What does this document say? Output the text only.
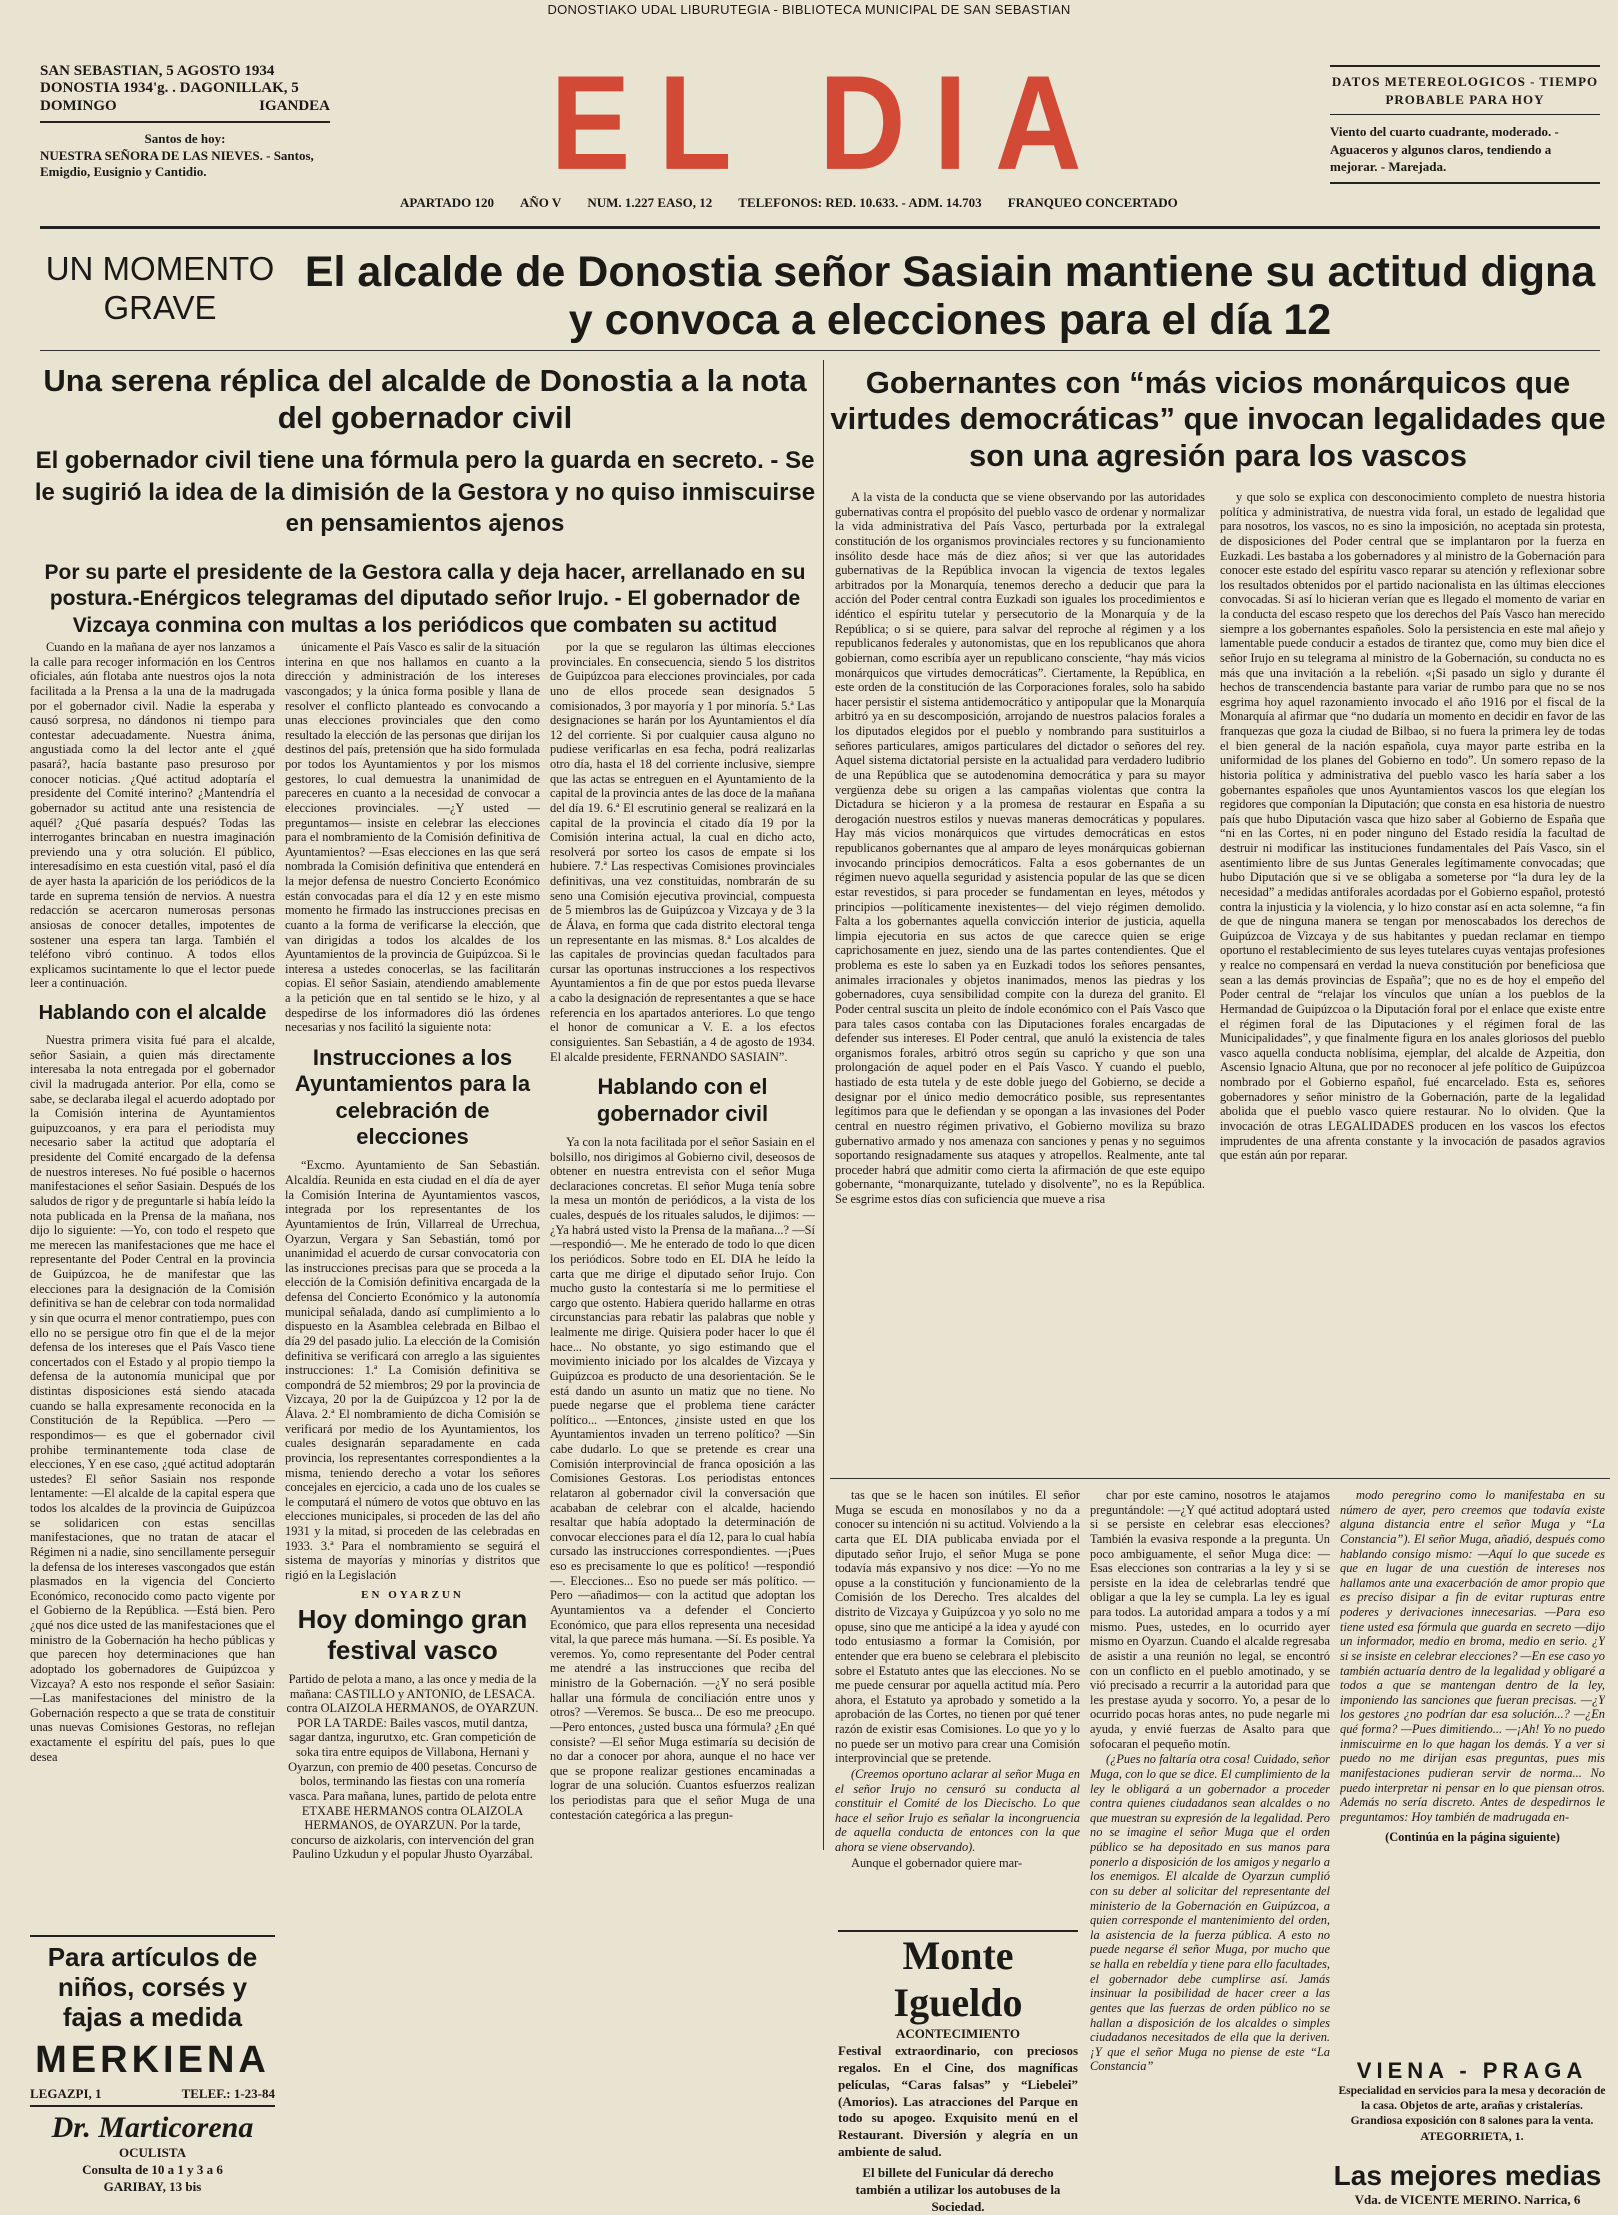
DONOSTIAKO UDAL LIBURUTEGIA - BIBLIOTECA MUNICIPAL DE SAN SEBASTIAN
SAN SEBASTIAN, 5 AGOSTO 1934
DONOSTIA 1934'g. . DAGONILLAK, 5
DOMINGO	IGANDEA
Santos de hoy:
NUESTRA SEÑORA DE LAS NIEVES. - Santos, Emigdio, Eusignio y Cantidio.	EL DIA
APARTADO 120 AÑO V NUM. 1.227 EASO, 12 TELEFONOS: RED. 10.633. - ADM. 14.703 FRANQUEO CONCERTADO
DATOS METEREOLOGICOS - TIEMPO PROBABLE PARA HOY
Viento del cuarto cuadrante, moderado. - Aguaceros y algunos claros, tendiendo a mejorar. - Marejada.
UN MOMENTO GRAVE
El alcalde de Donostia señor Sasiain mantiene su actitud digna y convoca a elecciones para el día 12
Una serena réplica del alcalde de Donostia a la nota del gobernador civil
El gobernador civil tiene una fórmula pero la guarda en secreto. - Se le sugirió la idea de la dimisión de la Gestora y no quiso inmiscuirse en pensamientos ajenos
Por su parte el presidente de la Gestora calla y deja hacer, arrellanado en su postura.-Enérgicos telegramas del diputado señor Irujo. - El gobernador de Vizcaya conmina con multas a los periódicos que combaten su actitud
Gobernantes con “más vicios monárquicos que virtudes democráticas” que invocan legalidades que son una agresión para los vascos

Cuando en la mañana de ayer nos lanzamos a la calle para recoger información en los Centros oficiales, aún flotaba ante nuestros ojos la nota facilitada a la Prensa a la una de la madrugada por el gobernador civil. Nadie la esperaba y causó sorpresa, no dándonos ni tiempo para contestar adecuadamente. Nuestra ánima, angustiada como la del lector ante el ¿qué pasará?, hacía bastante paso presuroso por conocer noticias. ¿Qué actitud adoptaría el presidente del Comité interino? ¿Mantendría el gobernador su actitud ante una resistencia de aquél? ¿Qué pasaría después? Todas las interrogantes brincaban en nuestra imaginación previendo una y otra solución. El público, interesadísimo en esta cuestión vital, pasó el día de ayer hasta la aparición de los periódicos de la tarde en suprema tensión de nervios. A nuestra redacción se acercaron numerosas personas ansiosas de conocer detalles, impotentes de sostener una espera tan larga. También el teléfono vibró continuo. A todos ellos explicamos sucintamente lo que el lector puede leer a continuación.

Hablando con el alcalde

Nuestra primera visita fué para el alcalde, señor Sasiain, a quien más directamente interesaba la nota entregada por el gobernador civil la madrugada anterior. Por ella, como se sabe, se declaraba ilegal el acuerdo adoptado por la Comisión interina de Ayuntamientos guipuzcoanos, y era para el periodista muy necesario saber la actitud que adoptaría el presidente del Comité encargado de la defensa de nuestros intereses. No fué posible o hacernos manifestaciones el señor Sasiain. Después de los saludos de rigor y de preguntarle si había leído la nota publicada en la Prensa de la mañana, nos dijo lo siguiente: —Yo, con todo el respeto que me merecen las manifestaciones que me hace el representante del Poder Central en la provincia de Guipúzcoa, he de manifestar que las elecciones para la designación de la Comisión definitiva se han de celebrar con toda normalidad y sin que ocurra el menor contratiempo, pues con ello no se persigue otro fin que el de la mejor defensa de los intereses que el País Vasco tiene concertados con el Estado y al propio tiempo la defensa de la autonomía municipal que por distintas disposiciones está siendo atacada cuando se halla expresamente reconocida en la Constitución de la República. —Pero —respondimos— es que el gobernador civil prohibe terminantemente toda clase de elecciones, Y en ese caso, ¿qué actitud adoptarán ustedes? El señor Sasiain nos responde lentamente: —El alcalde de la capital espera que todos los alcaldes de la provincia de Guipúzcoa se solidaricen con estas sencillas manifestaciones, que no tratan de atacar el Régimen ni a nadie, sino sencillamente perseguir la defensa de los intereses vascongados que están plasmados en la vigencia del Concierto Económico, reconocido como pacto vigente por el Gobierno de la República. —Está bien. Pero ¿qué nos dice usted de las manifestaciones que el ministro de la Gobernación ha hecho públicas y que parecen hoy determinaciones que han adoptado los gobernadores de Guipúzcoa y Vizcaya? A esto nos responde el señor Sasiain: —Las manifestaciones del ministro de la Gobernación respecto a que se trata de constituir unas nuevas Comisiones Gestoras, no reflejan exactamente el espíritu del país, pues lo que desea

únicamente el País Vasco es salir de la situación interina en que nos hallamos en cuanto a la dirección y administración de los intereses vascongados; y la única forma posible y llana de resolver el conflicto planteado es convocando a unas elecciones provinciales que den como resultado la elección de las personas que dirijan los destinos del país, pretensión que ha sido formulada por todos los Ayuntamientos y por los mismos gestores, lo cual demuestra la unanimidad de pareceres en cuanto a la necesidad de convocar a elecciones provinciales. —¿Y usted —preguntamos— insiste en celebrar las elecciones para el nombramiento de la Comisión definitiva de Ayuntamientos? —Esas elecciones en las que será nombrada la Comisión definitiva que entenderá en la mejor defensa de nuestro Concierto Económico están convocadas para el día 12 y en este mismo momento he firmado las instrucciones precisas en cuanto a la forma de verificarse la elección, que van dirigidas a todos los alcaldes de los Ayuntamientos de la provincia de Guipúzcoa. Si le interesa a ustedes conocerlas, se las facilitarán copias. El señor Sasiain, atendiendo amablemente a la petición que en tal sentido se le hizo, y al despedirse de los informadores dió las órdenes necesarias y nos facilitó la siguiente nota:

Instrucciones a los Ayuntamientos para la celebración de elecciones

“Excmo. Ayuntamiento de San Sebastián. Alcaldía. Reunida en esta ciudad en el día de ayer la Comisión Interina de Ayuntamientos vascos, integrada por los representantes de los Ayuntamientos de Irún, Villarreal de Urrechua, Oyarzun, Vergara y San Sebastián, tomó por unanimidad el acuerdo de cursar convocatoria con las instrucciones precisas para que se proceda a la elección de la Comisión definitiva encargada de la defensa del Concierto Económico y la autonomía municipal señalada, dando así cumplimiento a lo dispuesto en la Asamblea celebrada en Bilbao el día 29 del pasado julio. La elección de la Comisión definitiva se verificará con arreglo a las siguientes instrucciones: 1.ª La Comisión definitiva se compondrá de 52 miembros; 29 por la provincia de Vizcaya, 20 por la de Guipúzcoa y 12 por la de Álava. 2.ª El nombramiento de dicha Comisión se verificará por medio de los Ayuntamientos, los cuales designarán separadamente en cada provincia, los representantes correspondientes a la misma, teniendo derecho a votar los señores concejales en ejercicio, a cada uno de los cuales se le computará el número de votos que obtuvo en las elecciones municipales, si proceden de las del año 1931 y la mitad, si proceden de las celebradas en 1933. 3.ª Para el nombramiento se seguirá el sistema de mayorías y minorías y distritos que rigió en la Legislación

EN OYARZUN
Hoy domingo gran festival vasco

Partido de pelota a mano, a las once y media de la mañana: CASTILLO y ANTONIO, de LESACA. contra OLAIZOLA HERMANOS, de OYARZUN. POR LA TARDE: Bailes vascos, mutil dantza, sagar dantza, ingurutxo, etc. Gran competición de soka tira entre equipos de Villabona, Hernani y Oyarzun, con premio de 400 pesetas. Concurso de bolos, terminando las fiestas con una romería vasca. Para mañana, lunes, partido de pelota entre ETXABE HERMANOS contra OLAIZOLA HERMANOS, de OYARZUN. Por la tarde, concurso de aizkolaris, con intervención del gran Paulino Uzkudun y el popular Jhusto Oyarzábal.

por la que se regularon las últimas elecciones provinciales. En consecuencia, siendo 5 los distritos de Guipúzcoa para elecciones provinciales, por cada uno de ellos procede sean designados 5 comisionados, 3 por mayoría y 1 por minoría. 5.ª Las designaciones se harán por los Ayuntamientos el día 12 del corriente. Si por cualquier causa alguno no pudiese verificarlas en esa fecha, podrá realizarlas otro día, hasta el 18 del corriente inclusive, siempre que las actas se entreguen en el Ayuntamiento de la capital de la provincia antes de las doce de la mañana del día 19. 6.ª El escrutinio general se realizará en la capital de la provincia el citado día 19 por la Comisión interina actual, la cual en dicho acto, resolverá por sorteo los casos de empate si los hubiere. 7.ª Las respectivas Comisiones provinciales definitivas, una vez constituidas, nombrarán de su seno una Comisión ejecutiva provincial, compuesta de 5 miembros las de Guipúzcoa y Vizcaya y de 3 la de Álava, en forma que cada distrito electoral tenga un representante en las mismas. 8.ª Los alcaldes de las capitales de provincias quedan facultados para cursar las oportunas instrucciones a los respectivos Ayuntamientos a fin de que por estos pueda llevarse a cabo la designación de representantes a que se hace referencia en los apartados anteriores. Lo que tengo el honor de comunicar a V. E. a los efectos consiguientes. San Sebastián, a 4 de agosto de 1934. El alcalde presidente, FERNANDO SASIAIN”.

Hablando con el gobernador civil

Ya con la nota facilitada por el señor Sasiain en el bolsillo, nos dirigimos al Gobierno civil, deseosos de obtener en nuestra entrevista con el señor Muga declaraciones concretas. El señor Muga tenía sobre la mesa un montón de periódicos, a la vista de los cuales, después de los rituales saludos, le dijimos: —¿Ya habrá usted visto la Prensa de la mañana...? —Sí —respondió—. Me he enterado de todo lo que dicen los periódicos. Sobre todo en EL DIA he leído la carta que me dirige el diputado señor Irujo. Con mucho gusto la contestaría si me lo permitiese el cargo que ostento. Habiera querido hallarme en otras circunstancias para rebatir las palabras que noble y lealmente me dirige. Quisiera poder hacer lo que él hace... No obstante, yo sigo estimando que el movimiento iniciado por los alcaldes de Vizcaya y Guipúzcoa es producto de una desorientación. Se le está dando un asunto un matiz que no tiene. No puede negarse que el problema tiene carácter político... —Entonces, ¿insiste usted en que los Ayuntamientos invaden un terreno político? —Sin cabe dudarlo. Lo que se pretende es crear una Comisión interprovincial de franca oposición a las Comisiones Gestoras. Los periodistas entonces relataron al gobernador civil la conversación que acababan de celebrar con el alcalde, haciendo resaltar que había adoptado la determinación de convocar elecciones para el día 12, para lo cual había cursado las instrucciones correspondientes. —¡Pues eso es precisamente lo que es político! —respondió—. Elecciones... Eso no puede ser más político. —Pero —añadimos— con la actitud que adoptan los Ayuntamientos va a defender el Concierto Económico, que para ellos representa una necesidad vital, la que parece más humana. —Sí. Es posible. Ya veremos. Yo, como representante del Poder central me atendré a las instrucciones que reciba del ministro de la Gobernación. —¿Y no será posible hallar una fórmula de conciliación entre unos y otros? —Veremos. Se busca... De eso me preocupo. —Pero entonces, ¿usted busca una fórmula? ¿En qué consiste? —El señor Muga estimaría su decisión de no dar a conocer por ahora, aunque el no hace ver que se propone realizar gestiones encaminadas a lograr de una solución. Cuantos esfuerzos realizan los periodistas para que el señor Muga de una contestación categórica a las pregun-

A la vista de la conducta que se viene observando por las autoridades gubernativas contra el propósito del pueblo vasco de ordenar y normalizar la vida administrativa del País Vasco, perturbada por la extralegal constitución de los organismos provinciales rectores y su funcionamiento insólito desde hace más de diez años; si ver que las autoridades gubernativas de la República invocan la vigencia de textos legales arbitrados por la Monarquía, tenemos derecho a deducir que para la acción del Poder central contra Euzkadi son iguales los procedimientos e idéntico el espíritu tutelar y persecutorio de la Monarquía y de la República; o si se quiere, para salvar del reproche al régimen y a los republicanos federales y autonomistas, que en los republicanos que ahora gobiernan, como escribía ayer un republicano consciente, “hay más vicios monárquicos que virtudes democráticas”. Ciertamente, la República, en este orden de la constitución de las Corporaciones forales, solo ha sabido hacer persistir el sistema antidemocrático y antipopular que la Monarquía arbitró ya en su descomposición, arrojando de nuestros palacios forales a los diputados elegidos por el pueblo y nombrando para sustituirlos a señores particulares, amigos particulares del dictador o señores del rey. Aquel sistema dictatorial persiste en la actualidad para verdadero ludibrio de una República que se autodenomina democrática y para su mayor vergüenza debe su origen a las campañas violentas que contra la Dictadura se hicieron y a la promesa de restaurar en España a su derogación nuestros estilos y nuevas maneras democráticas y populares. Hay más vicios monárquicos que virtudes democráticas en estos republicanos gobernantes que al amparo de leyes monárquicas gobiernan invocando principios democráticos. Falta a esos gobernantes de un régimen nuevo aquella seguridad y asistencia popular de las que se dicen estar revestidos, si para proceder se fundamentan en leyes, métodos y principios —políticamente inexistentes— del viejo régimen demolido. Falta a los gobernantes aquella convicción interior de justicia, aquella limpia ejecutoria en sus actos de que carecce quien se erige caprichosamente en juez, siendo una de las partes contendientes. Que el problema es este lo saben ya en Euzkadi todos los señores pensantes, animales irracionales y objetos inanimados, menos las piedras y los gobernadores, cuya sensibilidad compite con la dureza del granito. El Poder central suscita un pleito de índole económico con el País Vasco que para tales casos contaba con las Diputaciones forales encargadas de defender sus intereses. El Poder central, que anuló la existencia de tales organismos forales, arbitró otros según su capricho y que son una prolongación de aquel poder en el País Vasco. Y cuando el pueblo, hastiado de esta tutela y de este doble juego del Gobierno, se decide a designar por el único medio democrático posible, sus representantes legítimos para que le defiendan y se opongan a las invasiones del Poder central en nuestro régimen privativo, el Gobierno moviliza su brazo gubernativo armado y nos amenaza con sanciones y penas y no seguimos soportando resignadamente sus ataques y atropellos. Realmente, ante tal proceder habrá que admitir como cierta la afirmación de que este equipo gobernante, “monarquizante, tutelado y disolvente”, no es la República. Se esgrime estos días con suficiencia que mueve a risa

y que solo se explica con desconocimiento completo de nuestra historia política y administrativa, de nuestra vida foral, un estado de legalidad que para nosotros, los vascos, no es sino la imposición, no aceptada sin protesta, de disposiciones del Poder central que se implantaron por la fuerza en Euzkadi. Les bastaba a los gobernadores y al ministro de la Gobernación para conocer este estado del espíritu vasco reparar su atención y reflexionar sobre los resultados obtenidos por el partido nacionalista en las últimas elecciones convocadas. Si así lo hicieran verían que es llegado el momento de variar en la conducta del escaso respeto que los derechos del País Vasco han merecido siempre a los gobernantes españoles. Solo la persistencia en este mal añejo y lamentable puede conducir a estados de tirantez que, como muy bien dice el señor Irujo en su telegrama al ministro de la Gobernación, su conducta no es más que una invitación a la rebelión. «¡Si pasado un siglo y durante él hechos de transcendencia bastante para variar de rumbo para que no se nos esgrima hoy aquel razonamiento invocado el año 1916 por el fiscal de la Monarquía al afirmar que “no dudaría un momento en decidir en favor de las franquezas que goza la ciudad de Bilbao, si no fuera la primera ley de todas el bien general de la nación española, cuya mayor parte estriba en la uniformidad de los planes del Gobierno en todo”. Un somero repaso de la historia política y administrativa del pueblo vasco les haría saber a los gobernantes españoles que unos Ayuntamientos vascos los que elegían los regidores que componían la Diputación; que consta en esa historia de nuestro país que hubo Diputación vasca que hizo saber al Gobierno de España que “ni en las Cortes, ni en poder ninguno del Estado residía la facultad de destruir ni modificar las instituciones fundamentales del País Vasco, sin el asentimiento libre de sus Juntas Generales legítimamente convocadas; que hubo Diputación que si ve se obligaba a someterse por “la dura ley de la necesidad” a medidas antiforales acordadas por el Gobierno español, protestó contra la injusticia y la violencia, y lo hizo constar así en acta solemne, “a fin de que de ninguna manera se tengan por menoscabados los derechos de Guipúzcoa de Vizcaya y de sus habitantes y puedan reclamar en tiempo oportuno el restablecimiento de sus leyes tutelares cuyas ventajas profesiones y realce no compensará en verdad la nueva constitución por beneficiosa que sean a las demás provincias de España”; que no es de hoy el empeño del Poder central de “relajar los vínculos que unían a los pueblos de la Hermandad de Guipúzcoa o la Diputación foral por el enlace que existe entre el régimen foral de las Diputaciones y el régimen foral de las Municipalidades”, y que finalmente figura en los anales gloriosos del pueblo vasco aquella conducta noblísima, ejemplar, del alcalde de Azpeitia, don Ascensio Ignacio Altuna, que por no reconocer al jefe político de Guipúzcoa nombrado por el Gobierno español, fué encarcelado. Esta es, señores gobernadores y señor ministro de la Gobernación, parte de la legalidad abolida que el pueblo vasco quiere restaurar. No lo olviden. Que la invocación de otras LEGALIDADES producen en los vascos los efectos imprudentes de una afrenta constante y la invocación de pasados agravios que están aún por reparar.

tas que se le hacen son inútiles. El señor Muga se escuda en monosílabos y no da a conocer su intención ni su actitud. Volviendo a la carta que EL DIA publicaba enviada por el diputado señor Irujo, el señor Muga se pone todavía más expansivo y nos dice: —Yo no me opuse a la constitución y funcionamiento de la Comisión de los Derecho. Tres alcaldes del distrito de Vizcaya y Guipúzcoa y yo solo no me opuse, sino que me anticipé a la idea y ayudé con todo entusiasmo a formar la Comisión, por entender que era bueno se celebrara el plebiscito sobre el Estatuto antes que las elecciones. No se me puede censurar por aquella actitud mía. Pero ahora, el Estatuto ya aprobado y sometido a la aprobación de las Cortes, no tienen por qué tener razón de existir esas Comisiones. Lo que yo y lo no puede ser un motivo para crear una Comisión interprovincial que se pretende.

(Creemos oportuno aclarar al señor Muga en el señor Irujo no censuró su conducta al constituir el Comité de los Diecischo. Lo que hace el señor Irujo es señalar la incongruencia de aquella conducta de entonces con la que ahora se viene observando).

Aunque el gobernador quiere mar-

char por este camino, nosotros le atajamos preguntándole: —¿Y qué actitud adoptará usted si se persiste en celebrar esas elecciones? También la evasiva responde a la pregunta. Un poco ambiguamente, el señor Muga dice: —Esas elecciones son contrarias a la ley y si se persiste en la idea de celebrarlas tendré que obligar a que la ley se cumpla. La ley es igual para todos. La autoridad ampara a todos y a mí mismo. Pues, ustedes, en lo ocurrido ayer mismo en Oyarzun. Cuando el alcalde regresaba de asistir a una reunión no legal, se encontró con un conflicto en el pueblo amotinado, y se vió precisado a recurrir a la autoridad para que les prestase ayuda y socorro. Yo, a pesar de lo ocurrido pocas horas antes, no pude negarle mi ayuda, y envié fuerzas de Asalto para que sofocaran el pequeño motín.

(¿Pues no faltaría otra cosa! Cuidado, señor Muga, con lo que se dice. El cumplimiento de la ley le obligará a un gobernador a proceder contra quienes ciudadanos sean alcaldes o no que muestran su expresión de la legalidad. Pero no se imagine el señor Muga que el orden público se ha depositado en sus manos para ponerlo a disposición de los amigos y negarlo a los enemigos. El alcalde de Oyarzun cumplió con su deber al solicitar del representante del ministerio de la Gobernación en Guipúzcoa, a quien corresponde el mantenimiento del orden, la asistencia de la fuerza pública. A esto no puede negarse él señor Muga, por mucho que se halla en rebeldía y tiene para ello facultades, el gobernador debe cumplirse así. Jamás insinuar la posibilidad de hacer creer a las gentes que las fuerzas de orden público no se hallan a disposición de los alcaldes o simples ciudadanos necesitados de ella que la deriven. ¡Y que el señor Muga no piense de este “La Constancia”

modo peregrino como lo manifestaba en su número de ayer, pero creemos que todavía existe alguna distancia entre el señor Muga y “La Constancia”). El señor Muga, añadió, después como hablando consigo mismo: —Aquí lo que sucede es que en lugar de una cuestión de intereses nos hallamos ante una exacerbación de amor propio que es preciso disipar a fin de evitar rupturas entre poderes y derivaciones innecesarias. —Para eso tiene usted esa fórmula que guarda en secreto —dijo un informador, medio en broma, medio en serio. ¿Y si se insiste en celebrar elecciones? —En ese caso yo también actuaría dentro de la legalidad y obligaré a todos a que se mantengan dentro de la ley, imponiendo las sanciones que fueran precisas. —¿Y los gestores ¿no podrían dar esa solución...? —¿En qué forma? —Pues dimitiendo... —¡Ah! Yo no puedo inmiscuirme en lo que hagan los demás. Y a ver si puedo no me dirijan esas preguntas, pues mis manifestaciones pudieran servir de norma... No puedo interpretar ni pensar en lo que piensan otros. Además no sería discreto. Antes de despedirnos le preguntamos: Hoy también de madrugada en-

(Continúa en la página siguiente)
Monte Igueldo
ACONTECIMIENTO
Festival extraordinario, con preciosos regalos. En el Cine, dos magníficas películas, “Caras falsas” y “Liebelei” (Amorios). Las atracciones del Parque en todo su apogeo. Exquisito menú en el Restaurant. Diversión y alegría en un ambiente de salud.
El billete del Funicular dá derecho también a utilizar los autobuses de la Sociedad.
VIENA - PRAGA
Especialidad en servicios para la mesa y decoración de la casa. Objetos de arte, arañas y cristalerías. Grandiosa exposición con 8 salones para la venta.
ATEGORRIETA, 1.
Las mejores medias
Vda. de VICENTE MERINO. Narrica, 6
Para artículos de niños, corsés y fajas a medida
MERKIENA
LEGAZPI, 1	TELEF.: 1-23-84
Dr. Marticorena
OCULISTA
Consulta de 10 a 1 y 3 a 6
GARIBAY, 13 bis
